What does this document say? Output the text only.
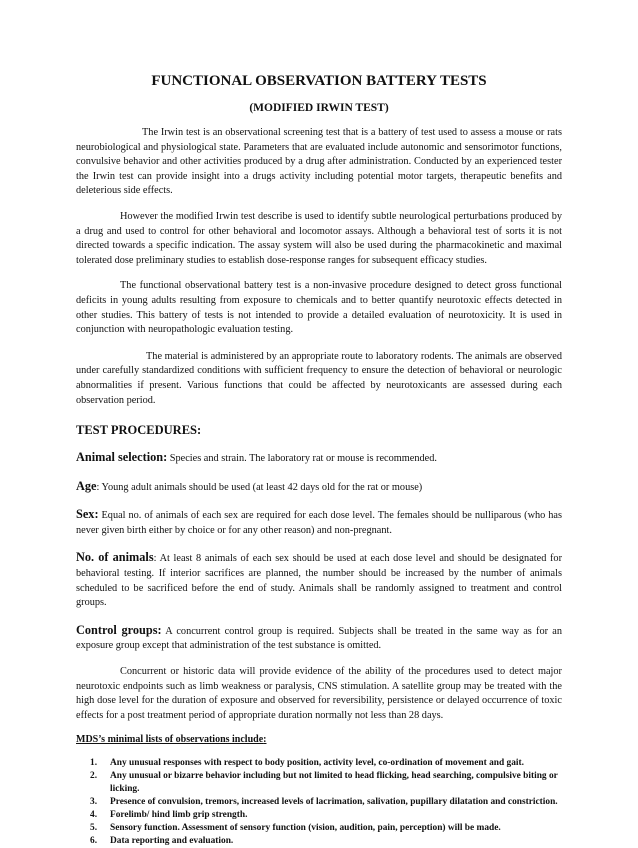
FUNCTIONAL OBSERVATION BATTERY TESTS
(MODIFIED IRWIN TEST)

The Irwin test is an observational screening test that is a battery of test used to assess a mouse or rats neurobiological and physiological state. Parameters that are evaluated include autonomic and sensorimotor functions, convulsive behavior and other activities produced by a drug after administration. Conducted by an experienced tester the Irwin test can provide insight into a drugs activity including potential motor targets, therapeutic benefits and deleterious side effects.

However the modified Irwin test describe is used to identify subtle neurological perturbations produced by a drug and used to control for other behavioral and locomotor assays. Although a behavioral test of sorts it is not directed towards a specific indication. The assay system will also be used during the pharmacokinetic and maximal tolerated dose preliminary studies to establish dose-response ranges for subsequent efficacy studies.

The functional observational battery test is a non-invasive procedure designed to detect gross functional deficits in young adults resulting from exposure to chemicals and to better quantify neurotoxic effects detected in other studies. This battery of tests is not intended to provide a detailed evaluation of neurotoxicity. It is used in conjunction with neuropathologic evaluation testing.

The material is administered by an appropriate route to laboratory rodents. The animals are observed under carefully standardized conditions with sufficient frequency to ensure the detection of behavioral or neurologic abnormalities if present. Various functions that could be affected by neurotoxicants are assessed during each observation period.

TEST PROCEDURES:

Animal selection: Species and strain. The laboratory rat or mouse is recommended.

Age: Young adult animals should be used (at least 42 days old for the rat or mouse)

Sex: Equal no. of animals of each sex are required for each dose level. The females should be nulliparous (who has never given birth either by choice or for any other reason) and non-pregnant.

No. of animals: At least 8 animals of each sex should be used at each dose level and should be designated for behavioral testing. If interior sacrifices are planned, the number should be increased by the number of animals scheduled to be sacrificed before the end of study. Animals shall be randomly assigned to treatment and control groups.

Control groups: A concurrent control group is required. Subjects shall be treated in the same way as for an exposure group except that administration of the test substance is omitted.

Concurrent or historic data will provide evidence of the ability of the procedures used to detect major neurotoxic endpoints such as limb weakness or paralysis, CNS stimulation. A satellite group may be treated with the high dose level for the duration of exposure and observed for reversibility, persistence or delayed occurrence of toxic effects for a post treatment period of appropriate duration normally not less than 28 days.

MDS’s minimal lists of observations include:
1.	Any unusual responses with respect to body position, activity level, co-ordination of movement and gait.
2.	Any unusual or bizarre behavior including but not limited to head flicking, head searching, compulsive biting or licking.
3.	Presence of convulsion, tremors, increased levels of lacrimation, salivation, pupillary dilatation and constriction.
4.	Forelimb/ hind limb grip strength.
5.	Sensory function. Assessment of sensory function (vision, audition, pain, perception) will be made.
6.	Data reporting and evaluation.
